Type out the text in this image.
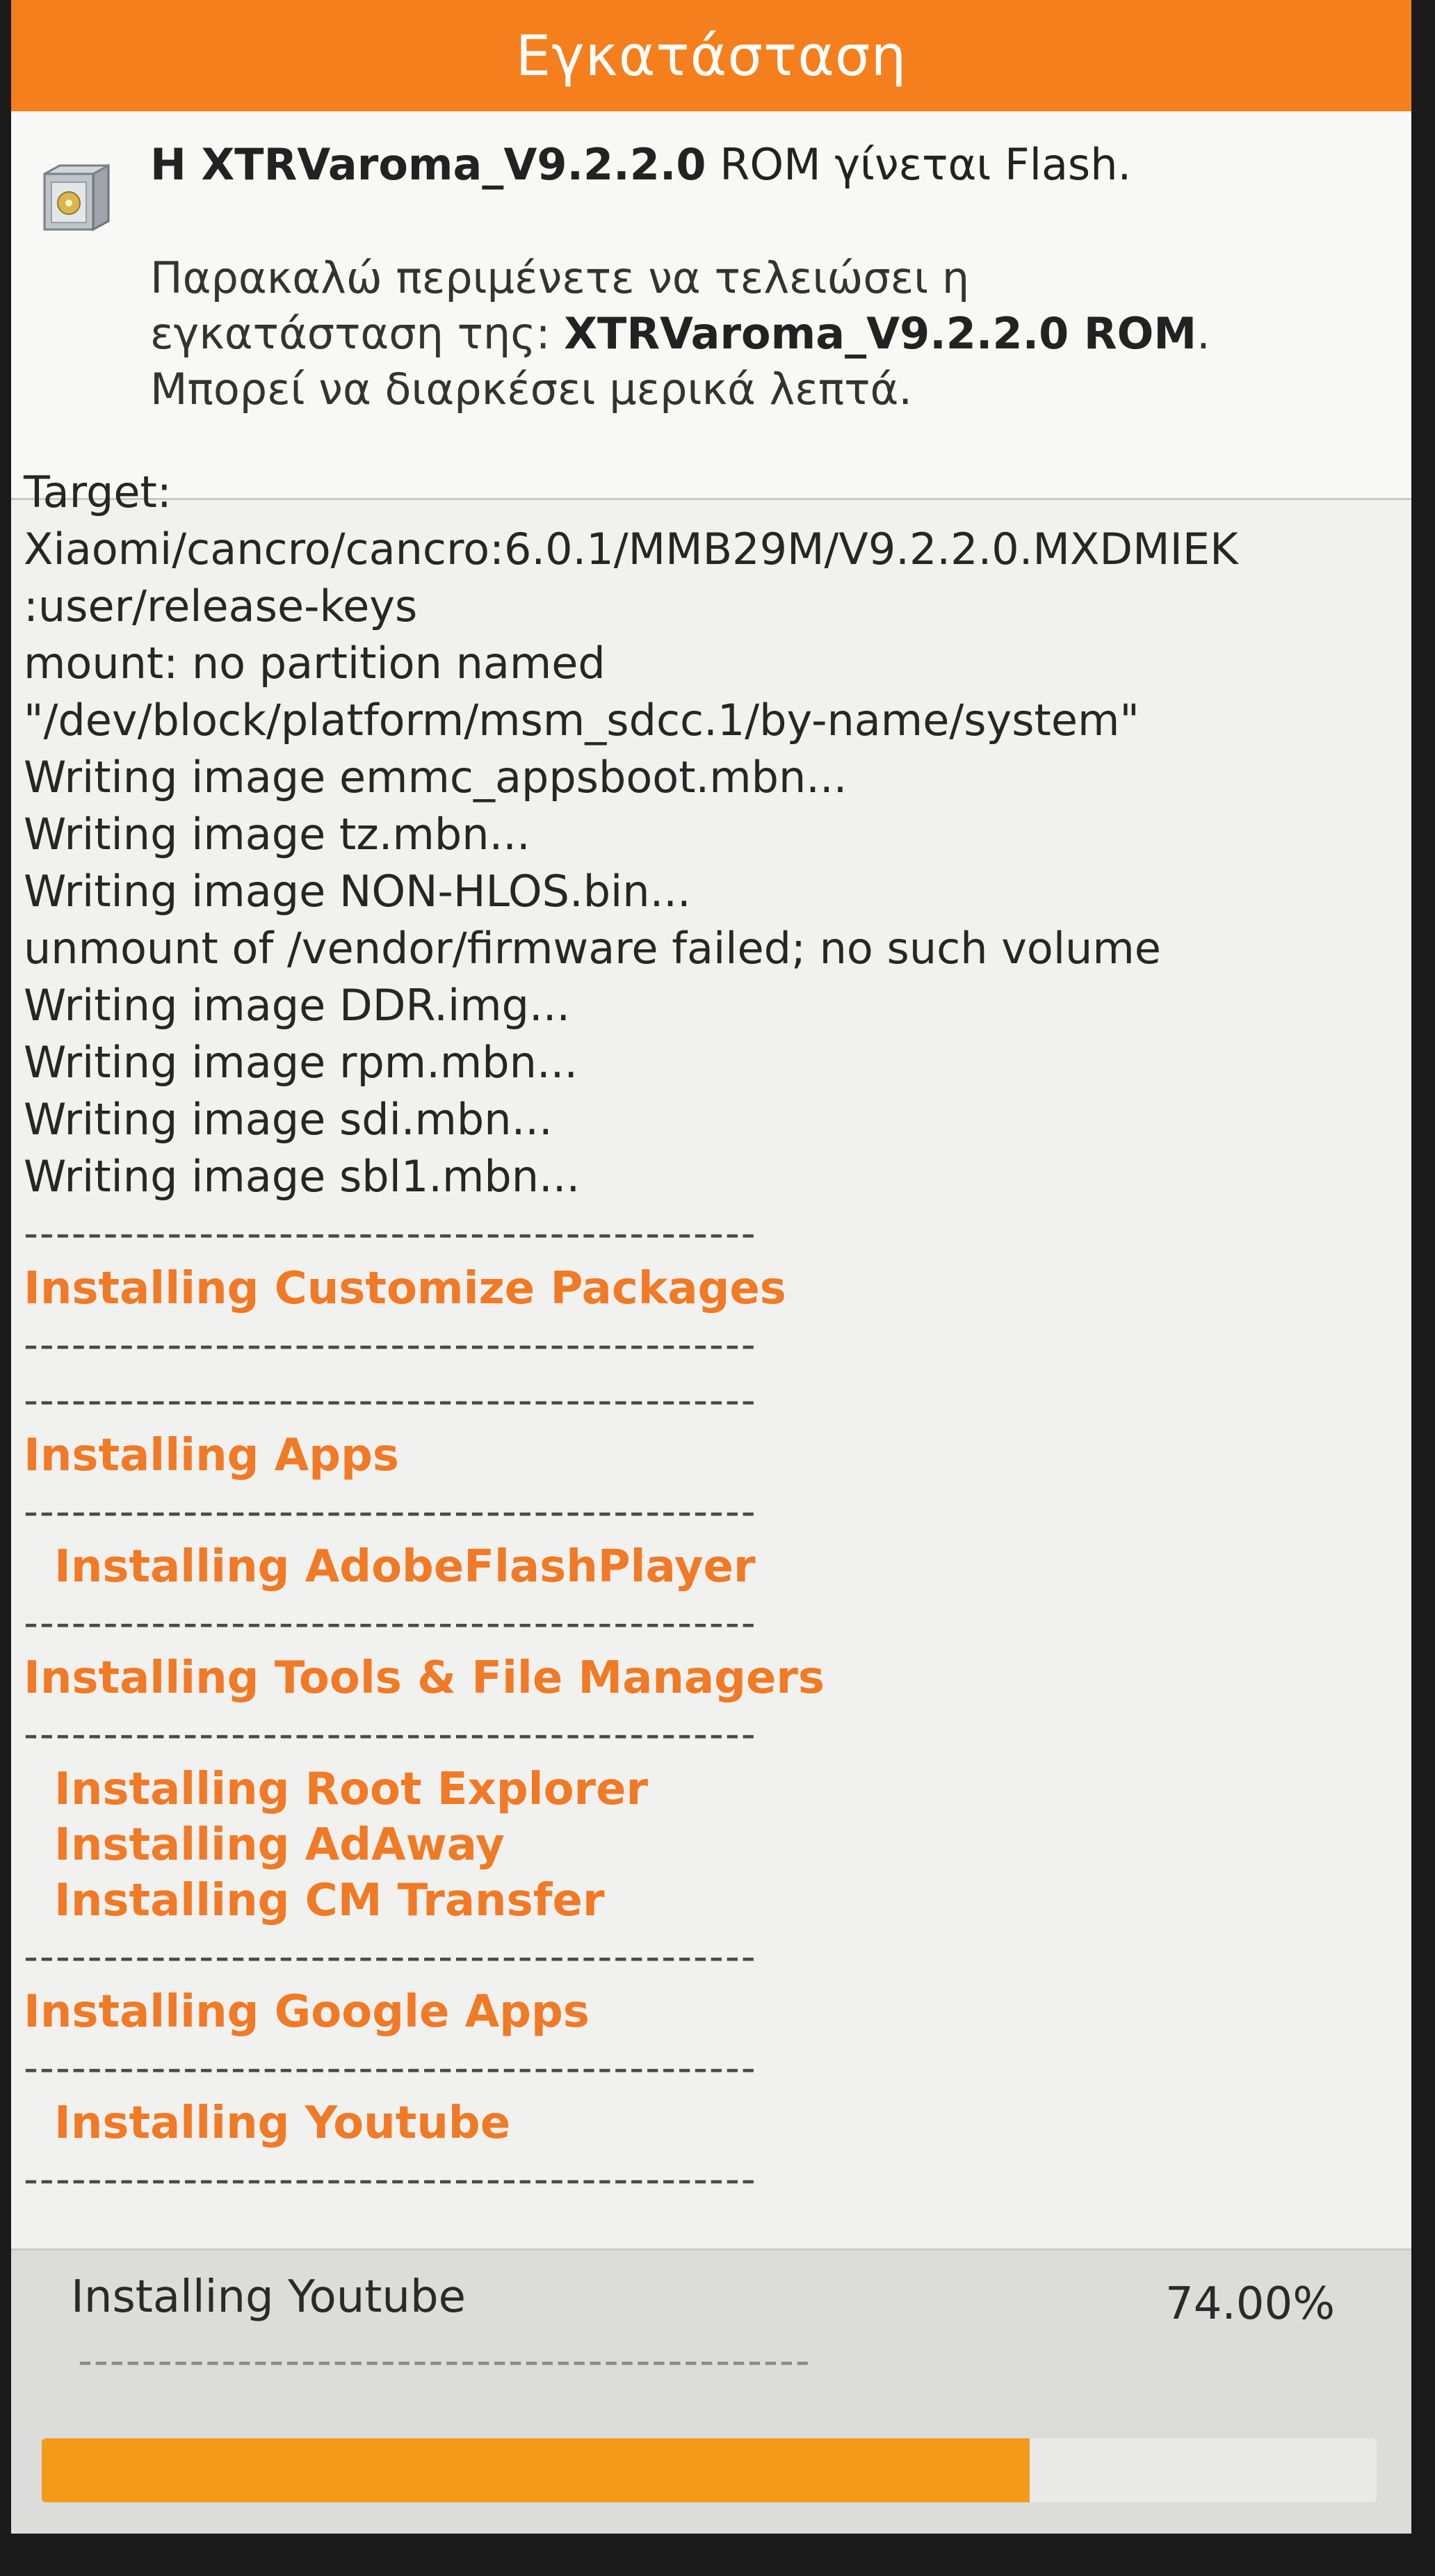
Εγκατάσταση
H XTRVaroma_V9.2.2.0 ROM γίνεται Flash.
Παρακαλώ περιμένετε να τελειώσει η
εγκατάσταση της: XTRVaroma_V9.2.2.0 ROM.
Μπορεί να διαρκέσει μερικά λεπτά.
Target:
Xiaomi/cancro/cancro:6.0.1/MMB29M/V9.2.2.0.MXDMIEK
:user/release-keys
mount: no partition named
"/dev/block/platform/msm_sdcc.1/by-name/system"
Writing image emmc_appsboot.mbn...
Writing image tz.mbn...
Writing image NON-HLOS.bin...
unmount of /vendor/firmware failed; no such volume
Writing image DDR.img...
Writing image rpm.mbn...
Writing image sdi.mbn...
Writing image sbl1.mbn...
----------------------------------------------
Installing Customize Packages
----------------------------------------------
----------------------------------------------
Installing Apps
----------------------------------------------
Installing AdobeFlashPlayer
----------------------------------------------
Installing Tools & File Managers
----------------------------------------------
Installing Root Explorer
Installing AdAway
Installing CM Transfer
----------------------------------------------
Installing Google Apps
----------------------------------------------
Installing Youtube
----------------------------------------------
Installing Youtube	74.00%
----------------------------------------------
